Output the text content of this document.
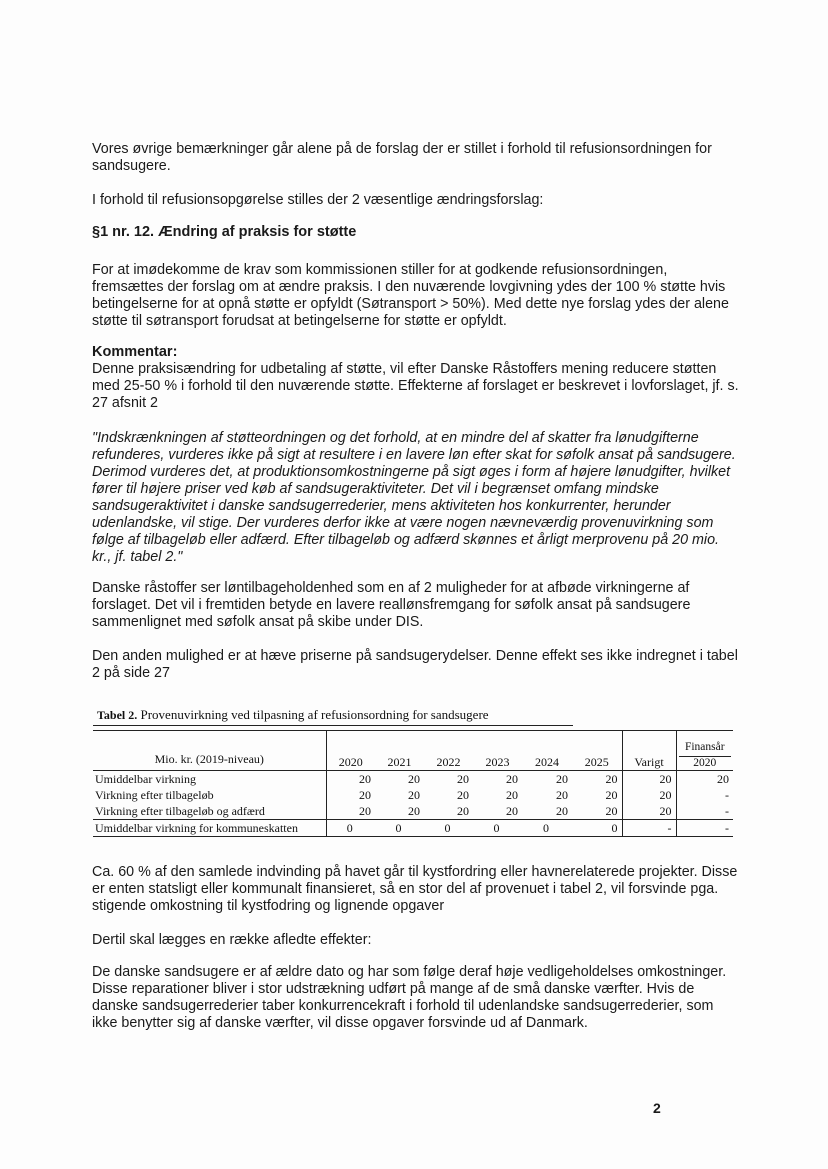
Vores øvrige bemærkninger går alene på de forslag der er stillet i forhold til refusionsordningen for sandsugere.

I forhold til refusionsopgørelse stilles der 2 væsentlige ændringsforslag:

§1 nr. 12. Ændring af praksis for støtte

For at imødekomme de krav som kommissionen stiller for at godkende refusionsordningen, fremsættes der forslag om at ændre praksis. I den nuværende lovgivning ydes der 100 % støtte hvis betingelserne for at opnå støtte er opfyldt (Søtransport > 50%). Med dette nye forslag ydes der alene støtte til søtransport forudsat at betingelserne for støtte er opfyldt.

Kommentar:
Denne praksisændring for udbetaling af støtte, vil efter Danske Råstoffers mening reducere støtten med 25-50 % i forhold til den nuværende støtte. Effekterne af forslaget er beskrevet i lovforslaget, jf. s. 27 afsnit 2

"Indskrænkningen af støtteordningen og det forhold, at en mindre del af skatter fra lønudgifterne refunderes, vurderes ikke på sigt at resultere i en lavere løn efter skat for søfolk ansat på sandsugere. Derimod vurderes det, at produktionsomkostningerne på sigt øges i form af højere lønudgifter, hvilket fører til højere priser ved køb af sandsugeraktiviteter. Det vil i begrænset omfang mindske sandsugeraktivitet i danske sandsugerrederier, mens aktiviteten hos konkurrenter, herunder udenlandske, vil stige. Der vurderes derfor ikke at være nogen nævneværdig provenuvirkning som følge af tilbageløb eller adfærd. Efter tilbageløb og adfærd skønnes et årligt merprovenu på 20 mio. kr., jf. tabel 2."

Danske råstoffer ser løntilbageholdenhed som en af 2 muligheder for at afbøde virkningerne af forslaget. Det vil i fremtiden betyde en lavere reallønsfremgang for søfolk ansat på sandsugere sammenlignet med søfolk ansat på skibe under DIS.

Den anden mulighed er at hæve priserne på sandsugerydelser. Denne effekt ses ikke indregnet i tabel 2 på side 27

Tabel 2. Provenuvirkning ved tilpasning af refusionsordning for sandsugere
Mio. kr. (2019-niveau)	2020	2021	2022	2023	2024	2025	Varigt	Finansår
2020

Umiddelbar virkning	20	20	20	20	20	20	20	20
Virkning efter tilbageløb	20	20	20	20	20	20	20	-
Virkning efter tilbageløb og adfærd	20	20	20	20	20	20	20	-
Umiddelbar virkning for kommuneskatten	0	0	0	0	0	0	-	-

Ca. 60 % af den samlede indvinding på havet går til kystfordring eller havnerelaterede projekter. Disse er enten statsligt eller kommunalt finansieret, så en stor del af provenuet i tabel 2, vil forsvinde pga. stigende omkostning til kystfodring og lignende opgaver

Dertil skal lægges en række afledte effekter:

De danske sandsugere er af ældre dato og har som følge deraf høje vedligeholdelses omkostninger. Disse reparationer bliver i stor udstrækning udført på mange af de små danske værfter. Hvis de danske sandsugerrederier taber konkurrencekraft i forhold til udenlandske sandsugerrederier, som ikke benytter sig af danske værfter, vil disse opgaver forsvinde ud af Danmark.

2
